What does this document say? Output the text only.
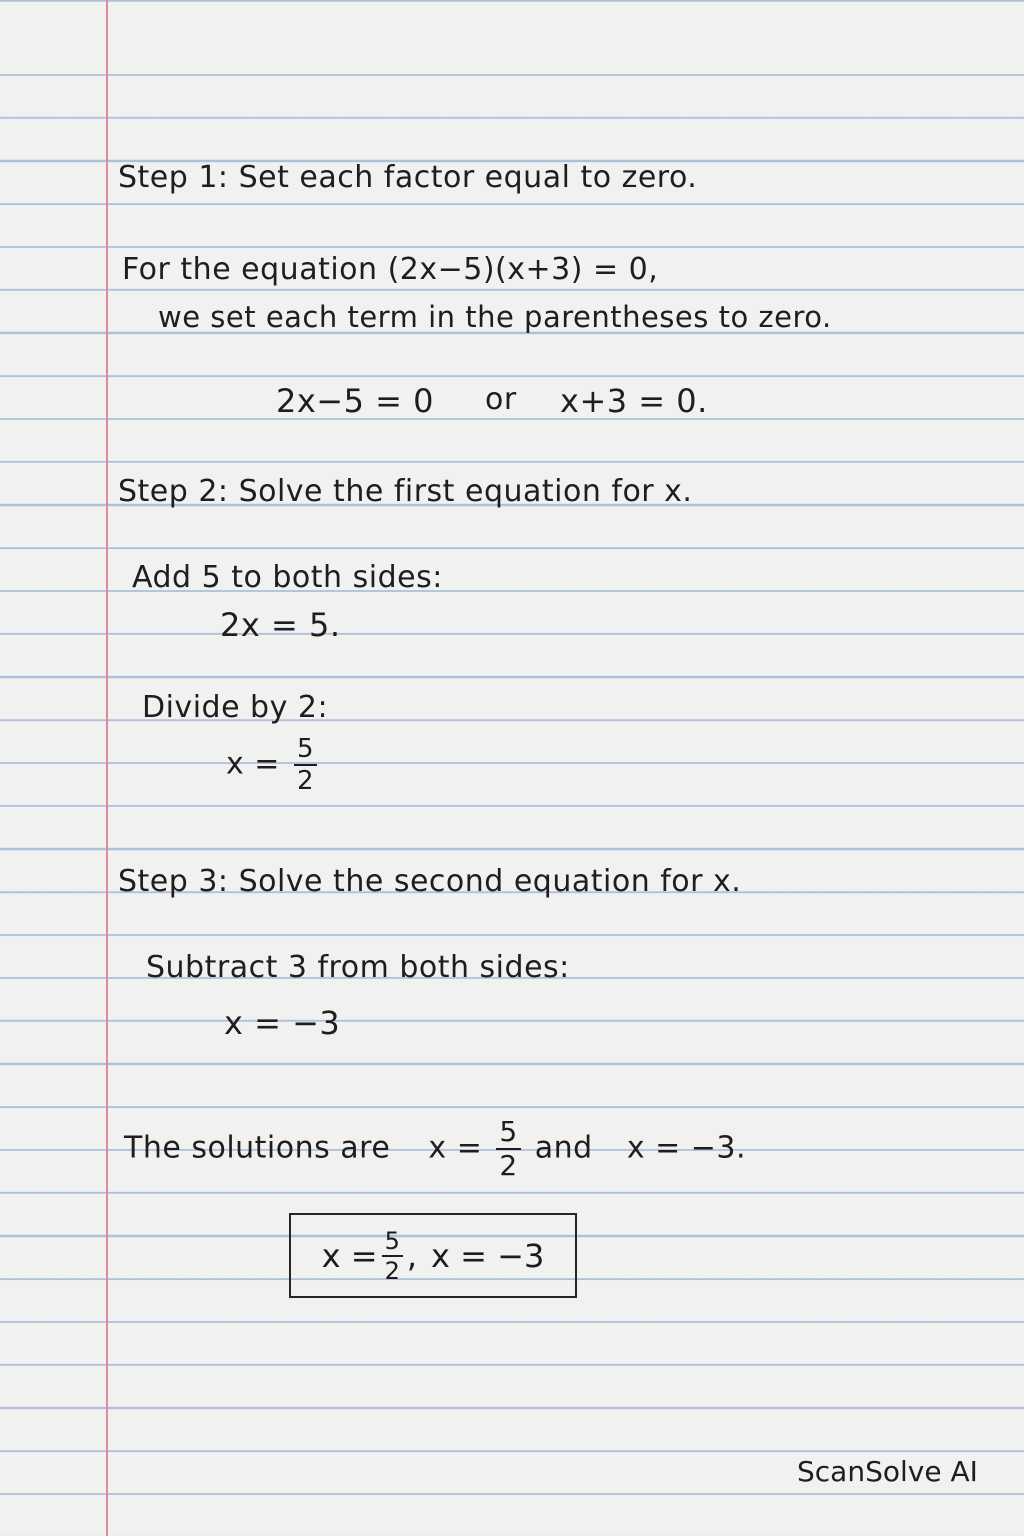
Step 1: Set each factor equal to zero.
For the equation (2x−5)(x+3) = 0,
we set each term in the parentheses to zero.
2x−5 = 0 or x+3 = 0.
Step 2: Solve the first equation for x.
Add 5 to both sides:
2x = 5.
Divide by 2:
$x = \frac{5}{2}$
Step 3: Solve the second equation for x.
Subtract 3 from both sides:
x = −3
The solutions are $x = \frac{5}{2}$ and x = −3.
$x = \frac{5}{2}$ , x = −3
ScanSolve AI
